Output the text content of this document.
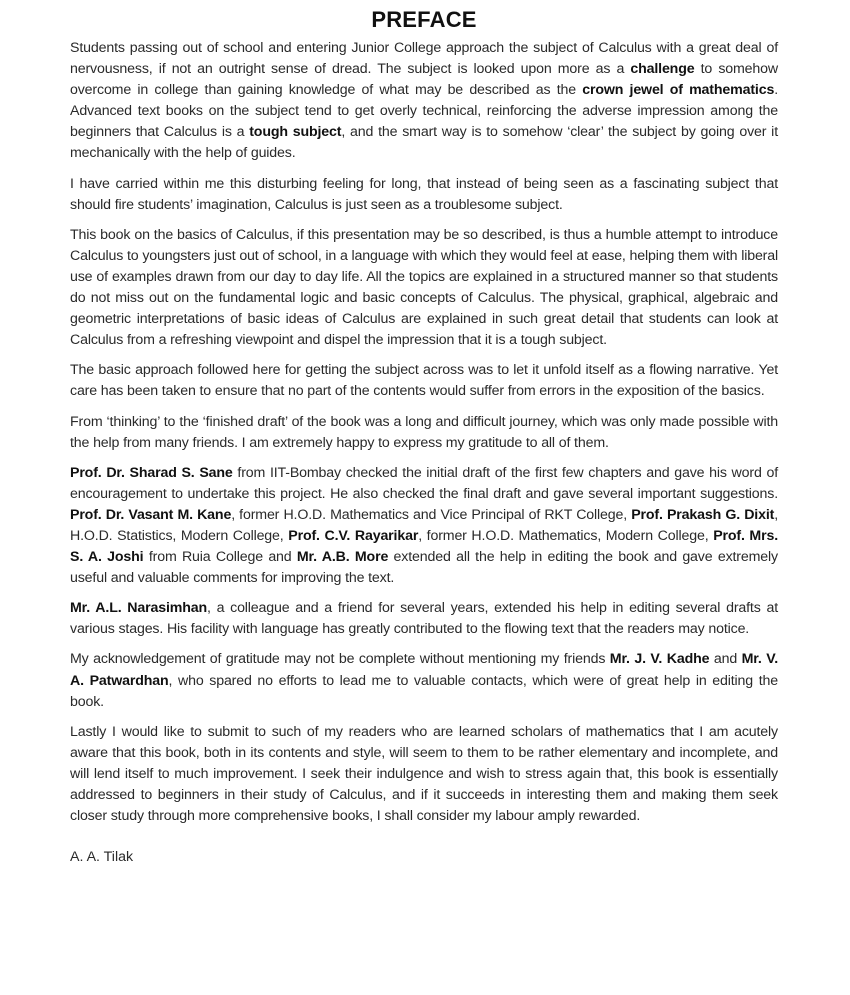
PREFACE

Students passing out of school and entering Junior College approach the subject of Calculus with a great deal of nervousness, if not an outright sense of dread. The subject is looked upon more as a challenge to somehow overcome in college than gaining knowledge of what may be described as the crown jewel of mathematics. Advanced text books on the subject tend to get overly technical, reinforcing the adverse impression among the beginners that Calculus is a tough subject, and the smart way is to somehow ‘clear’ the subject by going over it mechanically with the help of guides.

I have carried within me this disturbing feeling for long, that instead of being seen as a fascinating subject that should fire students’ imagination, Calculus is just seen as a troublesome subject.

This book on the basics of Calculus, if this presentation may be so described, is thus a humble attempt to introduce Calculus to youngsters just out of school, in a language with which they would feel at ease, helping them with liberal use of examples drawn from our day to day life. All the topics are explained in a structured manner so that students do not miss out on the fundamental logic and basic concepts of Calculus. The physical, graphical, algebraic and geometric interpretations of basic ideas of Calculus are explained in such great detail that students can look at Calculus from a refreshing viewpoint and dispel the impression that it is a tough subject.

The basic approach followed here for getting the subject across was to let it unfold itself as a flowing narrative. Yet care has been taken to ensure that no part of the contents would suffer from errors in the exposition of the basics.

From ‘thinking’ to the ‘finished draft’ of the book was a long and difficult journey, which was only made possible with the help from many friends. I am extremely happy to express my gratitude to all of them.

Prof. Dr. Sharad S. Sane from IIT-Bombay checked the initial draft of the first few chapters and gave his word of encouragement to undertake this project. He also checked the final draft and gave several important suggestions. Prof. Dr. Vasant M. Kane, former H.O.D. Mathematics and Vice Principal of RKT College, Prof. Prakash G. Dixit, H.O.D. Statistics, Modern College, Prof. C.V. Rayarikar, former H.O.D. Mathematics, Modern College, Prof. Mrs. S. A. Joshi from Ruia College and Mr. A.B. More extended all the help in editing the book and gave extremely useful and valuable comments for improving the text.

Mr. A.L. Narasimhan, a colleague and a friend for several years, extended his help in editing several drafts at various stages. His facility with language has greatly contributed to the flowing text that the readers may notice.

My acknowledgement of gratitude may not be complete without mentioning my friends Mr. J. V. Kadhe and Mr. V. A. Patwardhan, who spared no efforts to lead me to valuable contacts, which were of great help in editing the book.

Lastly I would like to submit to such of my readers who are learned scholars of mathematics that I am acutely aware that this book, both in its contents and style, will seem to them to be rather elementary and incomplete, and will lend itself to much improvement. I seek their indulgence and wish to stress again that, this book is essentially addressed to beginners in their study of Calculus, and if it succeeds in interesting them and making them seek closer study through more comprehensive books, I shall consider my labour amply rewarded.

A. A. Tilak
